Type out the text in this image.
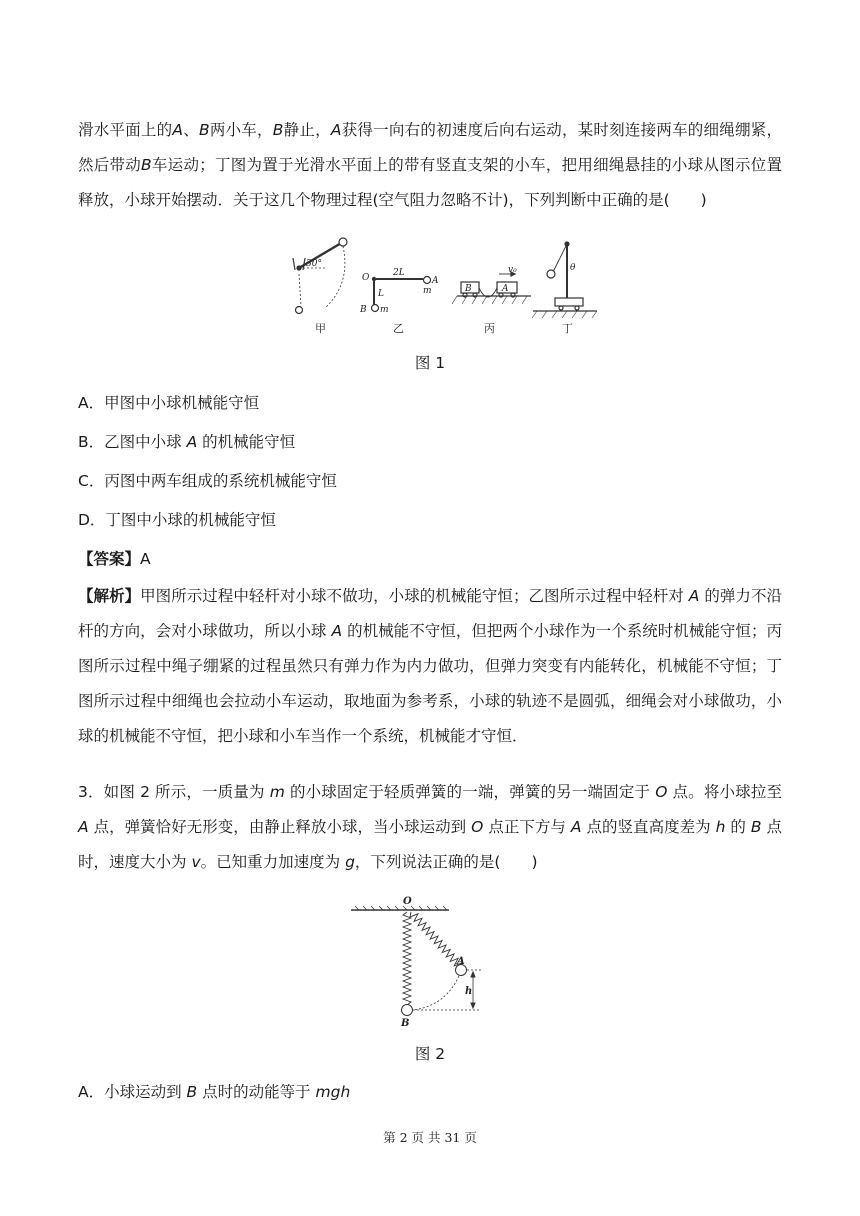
滑水平面上的A、B两小车，B静止，A获得一向右的初速度后向右运动，某时刻连接两车的细绳绷紧，然后带动B车运动；丁图为置于光滑水平面上的带有竖直支架的小车，把用细绳悬挂的小球从图示位置释放，小球开始摆动．关于这几个物理过程(空气阻力忽略不计)，下列判断中正确的是(　　)

30°
O	2L
A
m
L
B m
B	A
v₀	θ
甲	乙	丙	丁
图 1
A．甲图中小球机械能守恒
B．乙图中小球 A 的机械能守恒
C．丙图中两车组成的系统机械能守恒
D．丁图中小球的机械能守恒
【答案】A

【解析】甲图所示过程中轻杆对小球不做功，小球的机械能守恒；乙图所示过程中轻杆对 A 的弹力不沿杆的方向，会对小球做功，所以小球 A 的机械能不守恒，但把两个小球作为一个系统时机械能守恒；丙图所示过程中绳子绷紧的过程虽然只有弹力作为内力做功，但弹力突变有内能转化，机械能不守恒；丁图所示过程中细绳也会拉动小车运动，取地面为参考系，小球的轨迹不是圆弧，细绳会对小球做功，小球的机械能不守恒，把小球和小车当作一个系统，机械能才守恒．

3．如图 2 所示，一质量为 m 的小球固定于轻质弹簧的一端，弹簧的另一端固定于 O 点。将小球拉至 A 点，弹簧恰好无形变，由静止释放小球，当小球运动到 O 点正下方与 A 点的竖直高度差为 h 的 B 点时，速度大小为 v。已知重力加速度为 g，下列说法正确的是(　　)

O
A
h
B
图 2
A．小球运动到 B 点时的动能等于 mgh
第 2 页 共 31 页
